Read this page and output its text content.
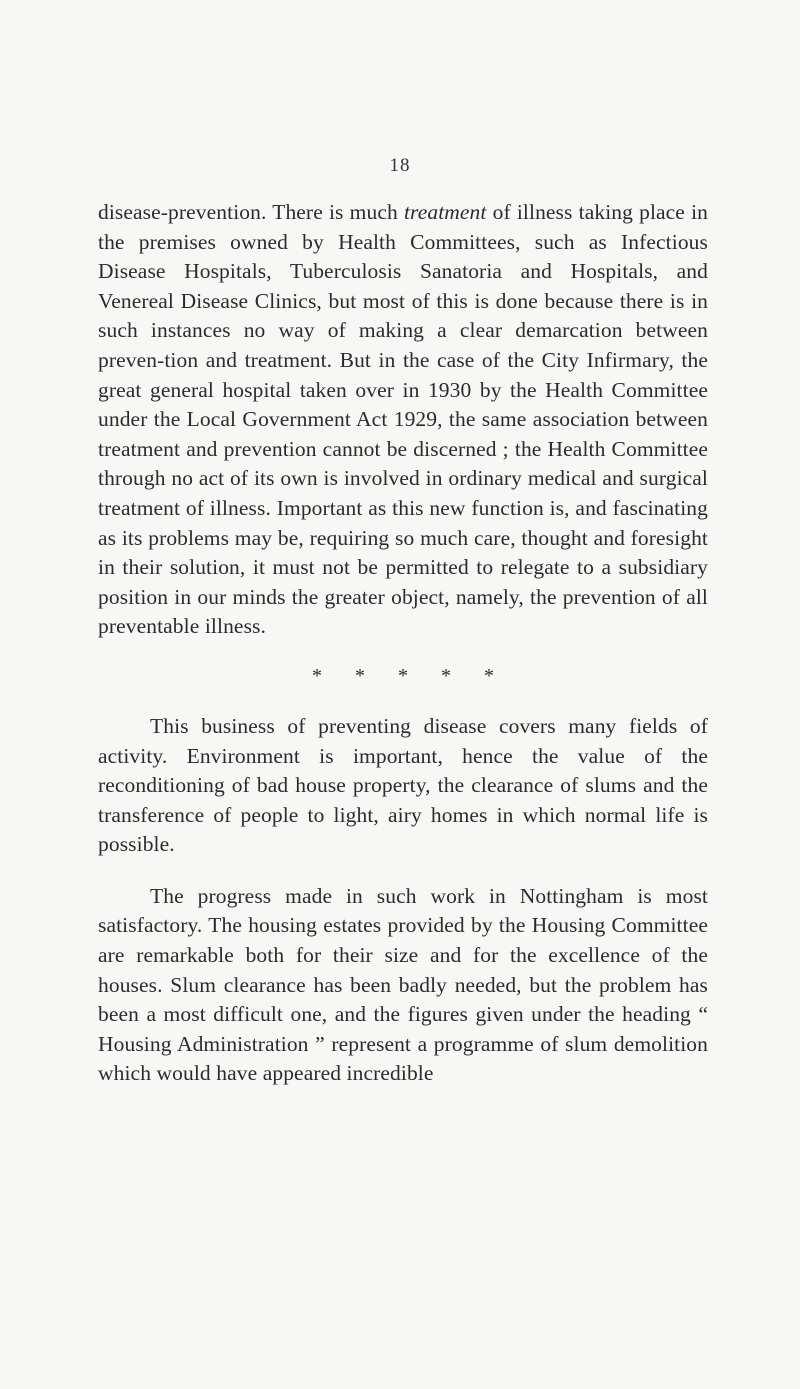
18

disease-prevention. There is much treatment of illness taking place in the premises owned by Health Committees, such as Infectious Disease Hospitals, Tuberculosis Sanatoria and Hospitals, and Venereal Disease Clinics, but most of this is done because there is in such instances no way of making a clear demarcation between preven-tion and treatment. But in the case of the City Infirmary, the great general hospital taken over in 1930 by the Health Committee under the Local Government Act 1929, the same association between treatment and prevention cannot be discerned ; the Health Committee through no act of its own is involved in ordinary medical and surgical treatment of illness. Important as this new function is, and fascinating as its problems may be, requiring so much care, thought and foresight in their solution, it must not be permitted to relegate to a subsidiary position in our minds the greater object, namely, the prevention of all preventable illness.

* * * * *

This business of preventing disease covers many fields of activity. Environment is important, hence the value of the reconditioning of bad house property, the clearance of slums and the transference of people to light, airy homes in which normal life is possible.

The progress made in such work in Nottingham is most satisfactory. The housing estates provided by the Housing Committee are remarkable both for their size and for the excellence of the houses. Slum clearance has been badly needed, but the problem has been a most difficult one, and the figures given under the heading “ Housing Administration ” represent a programme of slum demolition which would have appeared incredible
